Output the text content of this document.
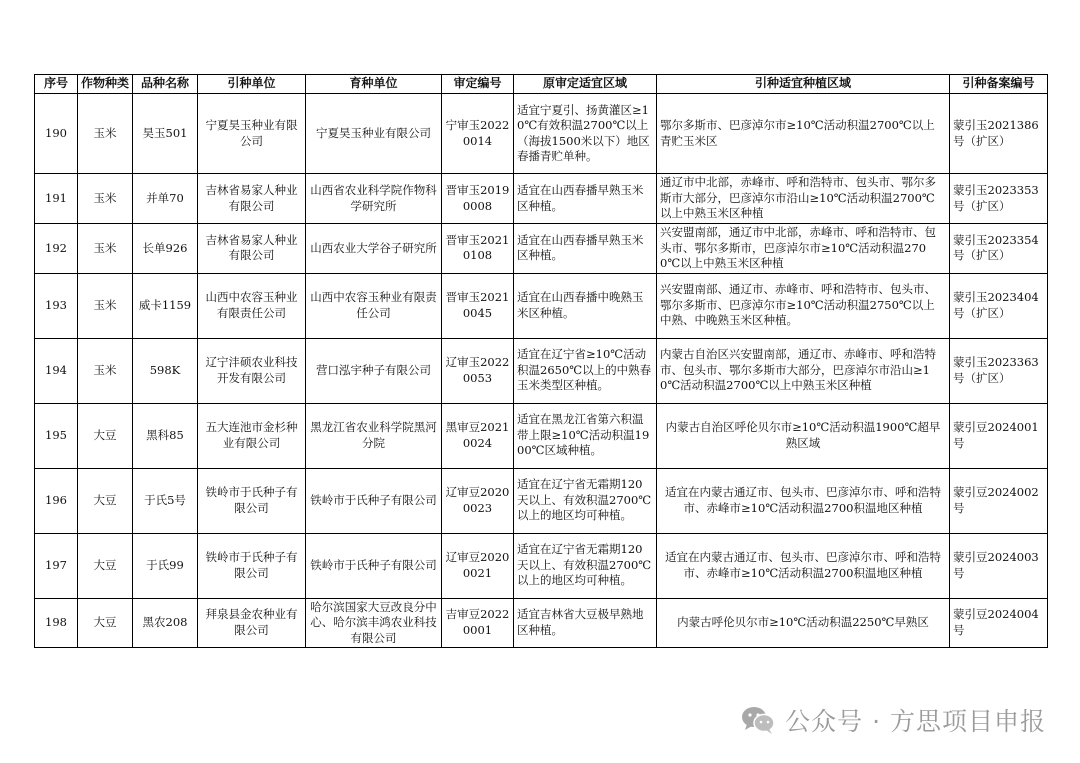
序号	作物种类	品种名称	引种单位	育种单位	审定编号	原审定适宜区域	引种适宜种植区域	引种备案编号
190	玉米	昊玉501	宁夏昊玉种业有限公司	宁夏昊玉种业有限公司	宁审玉20220014	适宜宁夏引、扬黄灌区≥10℃有效积温2700℃以上（海拔1500米以下）地区春播青贮单种。	鄂尔多斯市、巴彦淖尔市≥10℃活动积温2700℃以上青贮玉米区	蒙引玉2021386号（扩区）
191	玉米	并单70	吉林省易家人种业有限公司	山西省农业科学院作物科学研究所	晋审玉20190008	适宜在山西春播早熟玉米区种植。	通辽市中北部，赤峰市、呼和浩特市、包头市、鄂尔多斯市大部分，巴彦淖尔市沿山≥10℃活动积温2700℃以上中熟玉米区种植	蒙引玉2023353号（扩区）
192	玉米	长单926	吉林省易家人种业有限公司	山西农业大学谷子研究所	晋审玉20210108	适宜在山西春播早熟玉米区种植。	兴安盟南部，通辽市中北部，赤峰市、呼和浩特市、包头市、鄂尔多斯市，巴彦淖尔市≥10℃活动积温2700℃以上中熟玉米区种植	蒙引玉2023354号（扩区）
193	玉米	威卡1159	山西中农容玉种业有限责任公司	山西中农容玉种业有限责任公司	晋审玉20210045	适宜在山西春播中晚熟玉米区种植。	兴安盟南部、通辽市、赤峰市、呼和浩特市、包头市、鄂尔多斯市、巴彦淖尔市≥10℃活动积温2750℃以上中熟、中晚熟玉米区种植。	蒙引玉2023404号（扩区）
194	玉米	598K	辽宁沣硕农业科技开发有限公司	营口泓宇种子有限公司	辽审玉20220053	适宜在辽宁省≥10℃活动积温2650℃以上的中熟春玉米类型区种植。	内蒙古自治区兴安盟南部，通辽市、赤峰市、呼和浩特市、包头市、鄂尔多斯市大部分，巴彦淖尔市沿山≥10℃活动积温2700℃以上中熟玉米区种植	蒙引玉2023363号（扩区）
195	大豆	黑科85	五大连池市金杉种业有限公司	黑龙江省农业科学院黑河分院	黑审豆20210024	适宜在黑龙江省第六积温带上限≥10℃活动积温1900℃区域种植。	内蒙古自治区呼伦贝尔市≥10℃活动积温1900℃超早熟区域	蒙引豆2024001号
196	大豆	于氏5号	铁岭市于氏种子有限公司	铁岭市于氏种子有限公司	辽审豆20200023	适宜在辽宁省无霜期120天以上、有效积温2700℃以上的地区均可种植。	适宜在内蒙古通辽市、包头市、巴彦淖尔市、呼和浩特市、赤峰市≥10℃活动积温2700积温地区种植	蒙引豆2024002号
197	大豆	于氏99	铁岭市于氏种子有限公司	铁岭市于氏种子有限公司	辽审豆20200021	适宜在辽宁省无霜期120天以上、有效积温2700℃以上的地区均可种植。	适宜在内蒙古通辽市、包头市、巴彦淖尔市、呼和浩特市、赤峰市≥10℃活动积温2700积温地区种植	蒙引豆2024003号
198	大豆	黑农208	拜泉县金农种业有限公司	哈尔滨国家大豆改良分中心、哈尔滨丰鸿农业科技有限公司	吉审豆20220001	适宜吉林省大豆极早熟地区种植。	内蒙古呼伦贝尔市≥10℃活动积温2250℃早熟区	蒙引豆2024004号
公众号 · 方思项目申报
